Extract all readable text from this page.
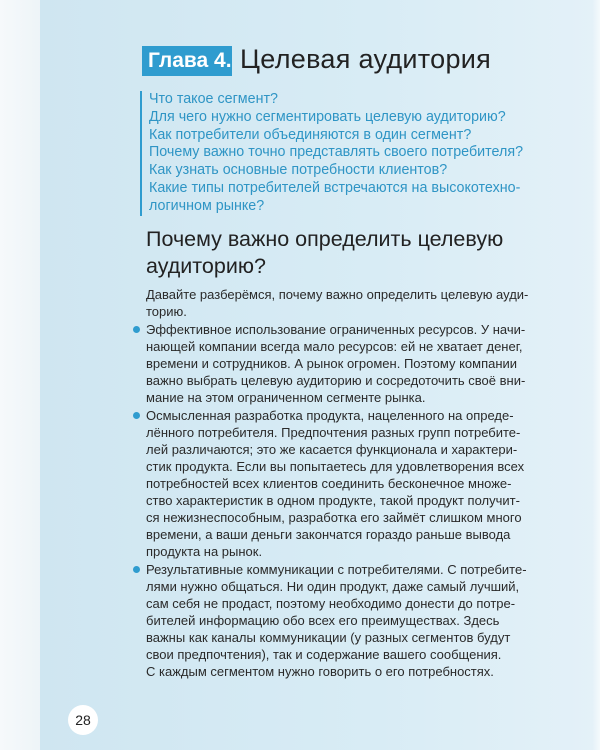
Глава 4. Целевая аудитория
Что такое сегмент?
Для чего нужно сегментировать целевую аудиторию?
Как потребители объединяются в один сегмент?
Почему важно точно представлять своего потребителя?
Как узнать основные потребности клиентов?
Какие типы потребителей встречаются на высокотехно-
логичном рынке?
Почему важно определить целевую
аудиторию?
Давайте разберёмся, почему важно определить целевую ауди-
торию.
Эффективное использование ограниченных ресурсов. У начи-
нающей компании всегда мало ресурсов: ей не хватает денег,
времени и сотрудников. А рынок огромен. Поэтому компании
важно выбрать целевую аудиторию и сосредоточить своё вни-
мание на этом ограниченном сегменте рынка.
Осмысленная разработка продукта, нацеленного на опреде-
лённого потребителя. Предпочтения разных групп потребите-
лей различаются; это же касается функционала и характери-
стик продукта. Если вы попытаетесь для удовлетворения всех
потребностей всех клиентов соединить бесконечное множе-
ство характеристик в одном продукте, такой продукт получит-
ся нежизнеспособным, разработка его займёт слишком много
времени, а ваши деньги закончатся гораздо раньше вывода
продукта на рынок.
Результативные коммуникации с потребителями. С потребите-
лями нужно общаться. Ни один продукт, даже самый лучший,
сам себя не продаст, поэтому необходимо донести до потре-
бителей информацию обо всех его преимуществах. Здесь
важны как каналы коммуникации (у разных сегментов будут
свои предпочтения), так и содержание вашего сообщения.
С каждым сегментом нужно говорить о его потребностях.
28
